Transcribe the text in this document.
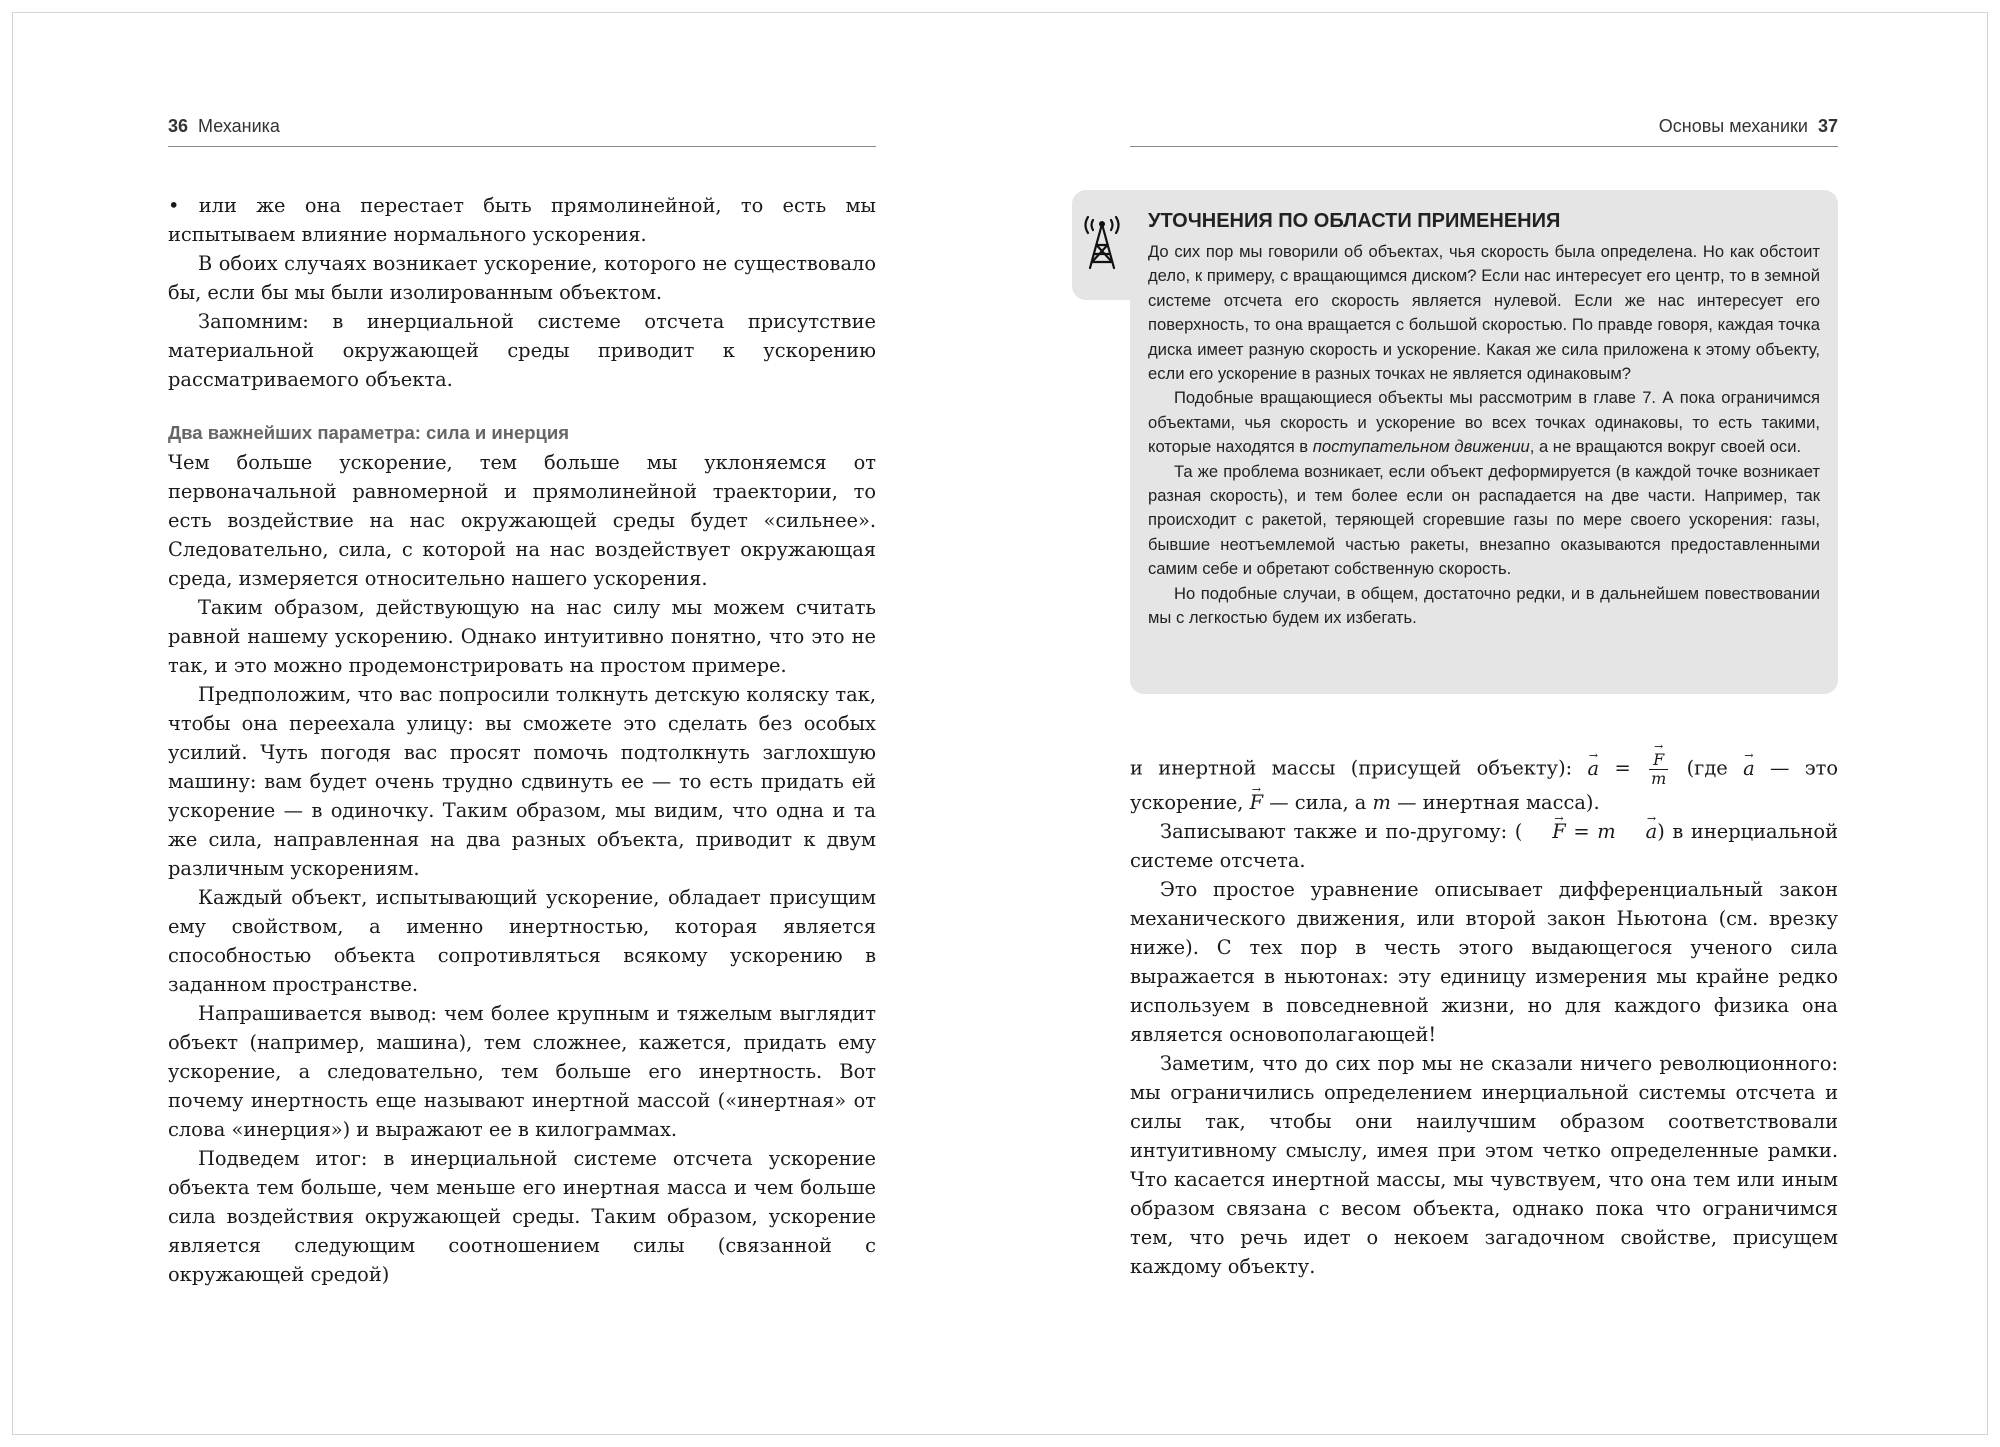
36 Механика

• или же она перестает быть прямолинейной, то есть мы испытываем влияние нормального ускорения.

В обоих случаях возникает ускорение, которого не существовало бы, если бы мы были изолированным объектом.

Запомним: в инерциальной системе отсчета присутствие материальной окружающей среды приводит к ускорению рассматриваемого объекта.

Два важнейших параметра: сила и инерция

Чем больше ускорение, тем больше мы уклоняемся от первоначальной равномерной и прямолинейной траектории, то есть воздействие на нас окружающей среды будет «сильнее». Следовательно, сила, с которой на нас воздействует окружающая среда, измеряется относительно нашего ускорения.

Таким образом, действующую на нас силу мы можем считать равной нашему ускорению. Однако интуитивно понятно, что это не так, и это можно продемонстрировать на простом примере.

Предположим, что вас попросили толкнуть детскую коляску так, чтобы она переехала улицу: вы сможете это сделать без особых усилий. Чуть погодя вас просят помочь подтолкнуть заглохшую машину: вам будет очень трудно сдвинуть ее — то есть придать ей ускорение — в одиночку. Таким образом, мы видим, что одна и та же сила, направленная на два разных объекта, приводит к двум различным ускорениям.

Каждый объект, испытывающий ускорение, обладает присущим ему свойством, а именно инертностью, которая является способностью объекта сопротивляться всякому ускорению в заданном пространстве.

Напрашивается вывод: чем более крупным и тяжелым выглядит объект (например, машина), тем сложнее, кажется, придать ему ускорение, а следовательно, тем больше его инертность. Вот почему инертность еще называют инертной массой («инертная» от слова «инерция») и выражают ее в килограммах.

Подведем итог: в инерциальной системе отсчета ускорение объекта тем больше, чем меньше его инертная масса и чем больше сила воздействия окружающей среды. Таким образом, ускорение является следующим соотношением силы (связанной с окружающей средой)

Основы механики 37
УТОЧНЕНИЯ ПО ОБЛАСТИ ПРИМЕНЕНИЯ

До сих пор мы говорили об объектах, чья скорость была определена. Но как обстоит дело, к примеру, с вращающимся диском? Если нас интересует его центр, то в земной системе отсчета его скорость является нулевой. Если же нас интересует его поверхность, то она вращается с большой скоростью. По правде говоря, каждая точка диска имеет разную скорость и ускорение. Какая же сила приложена к этому объекту, если его ускорение в разных точках не является одинаковым?

Подобные вращающиеся объекты мы рассмотрим в главе 7. А пока ограничимся объектами, чья скорость и ускорение во всех точках одинаковы, то есть такими, которые находятся в поступательном движении, а не вращаются вокруг своей оси.

Та же проблема возникает, если объект деформируется (в каждой точке возникает разная скорость), и тем более если он распадается на две части. Например, так происходит с ракетой, теряющей сгоревшие газы по мере своего ускорения: газы, бывшие неотъемлемой частью ракеты, внезапно оказываются предоставленными самим себе и обретают собственную скорость.

Но подобные случаи, в общем, достаточно редки, и в дальнейшем повествовании мы с легкостью будем их избегать.

и инертной массы (присущей объекту): a → = $\frac{F \to}{m} (где$ a → — это ускорение, F → — сила, а m — инертная масса).

Записывают также и по-другому: ( F → = m a →) в инерциальной системе отсчета.

Это простое уравнение описывает дифференциальный закон механического движения, или второй закон Ньютона (см. врезку ниже). С тех пор в честь этого выдающегося ученого сила выражается в ньютонах: эту единицу измерения мы крайне редко используем в повседневной жизни, но для каждого физика она является основополагающей!

Заметим, что до сих пор мы не сказали ничего революционного: мы ограничились определением инерциальной системы отсчета и силы так, чтобы они наилучшим образом соответствовали интуитивному смыслу, имея при этом четко определенные рамки. Что касается инертной массы, мы чувствуем, что она тем или иным образом связана с весом объекта, однако пока что ограничимся тем, что речь идет о некоем загадочном свойстве, присущем каждому объекту.
